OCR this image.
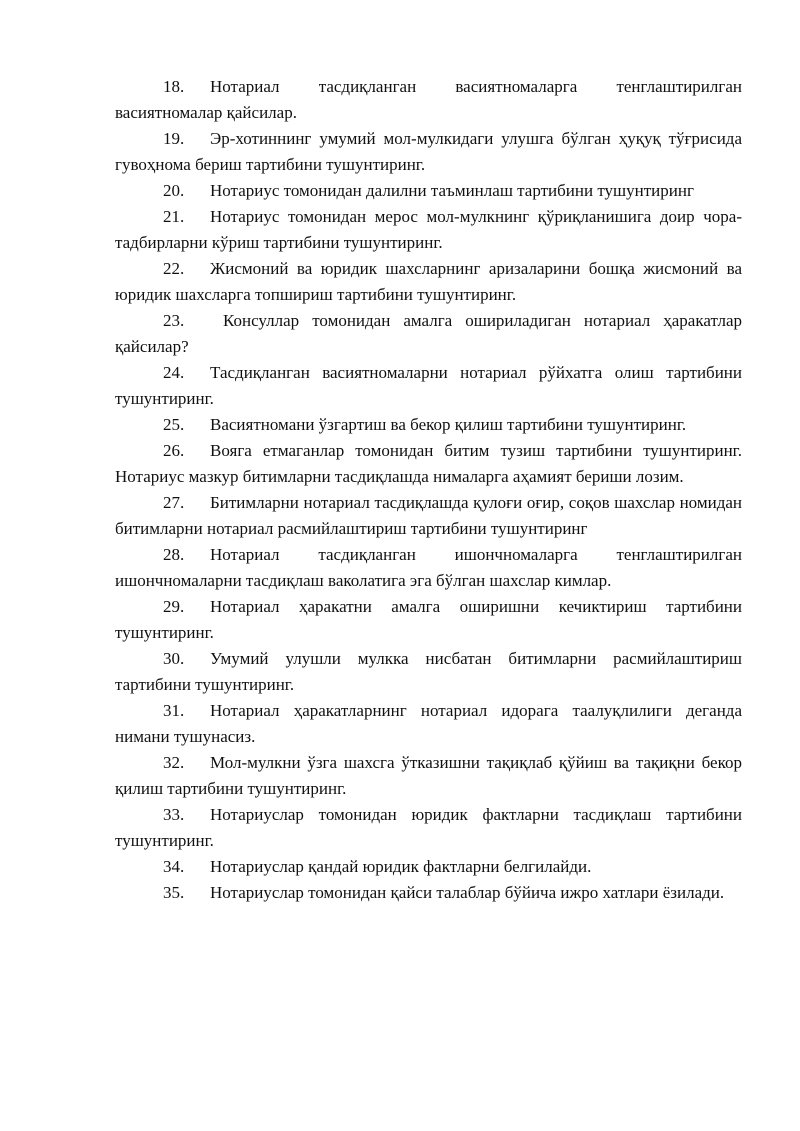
18. Нотариал тасдиқланган васиятномаларга тенглаштирилган васиятномалар қайсилар.

19. Эр-хотиннинг умумий мол-мулкидаги улушга бўлган ҳуқуқ тўғрисида гувоҳнома бериш тартибини тушунтиринг.

20. Нотариус томонидан далилни таъминлаш тартибини тушунтиринг

21. Нотариус томонидан мерос мол-мулкнинг қўриқланишига доир чора-тадбирларни кўриш тартибини тушунтиринг.

22. Жисмоний ва юридик шахсларнинг аризаларини бошқа жисмоний ва юридик шахсларга топшириш тартибини тушунтиринг.

23. Консуллар томонидан амалга ошириладиган нотариал ҳаракатлар қайсилар?

24. Тасдиқланган васиятномаларни нотариал рўйхатга олиш тартибини тушунтиринг.

25. Васиятномани ўзгартиш ва бекор қилиш тартибини тушунтиринг.

26. Вояга етмаганлар томонидан битим тузиш тартибини тушунтиринг. Нотариус мазкур битимларни тасдиқлашда нималарга аҳамият бериши лозим.

27. Битимларни нотариал тасдиқлашда қулоғи оғир, соқов шахслар номидан битимларни нотариал расмийлаштириш тартибини тушунтиринг

28. Нотариал тасдиқланган ишончномаларга тенглаштирилган ишончномаларни тасдиқлаш ваколатига эга бўлган шахслар кимлар.

29. Нотариал ҳаракатни амалга оширишни кечиктириш тартибини тушунтиринг.

30. Умумий улушли мулкка нисбатан битимларни расмийлаштириш тартибини тушунтиринг.

31. Нотариал ҳаракатларнинг нотариал идорага таалуқлилиги деганда нимани тушунасиз.

32. Мол-мулкни ўзга шахсга ўтказишни тақиқлаб қўйиш ва тақиқни бекор қилиш тартибини тушунтиринг.

33. Нотариуслар томонидан юридик фактларни тасдиқлаш тартибини тушунтиринг.

34. Нотариуслар қандай юридик фактларни белгилайди.

35. Нотариуслар томонидан қайси талаблар бўйича ижро хатлари ёзилади.
